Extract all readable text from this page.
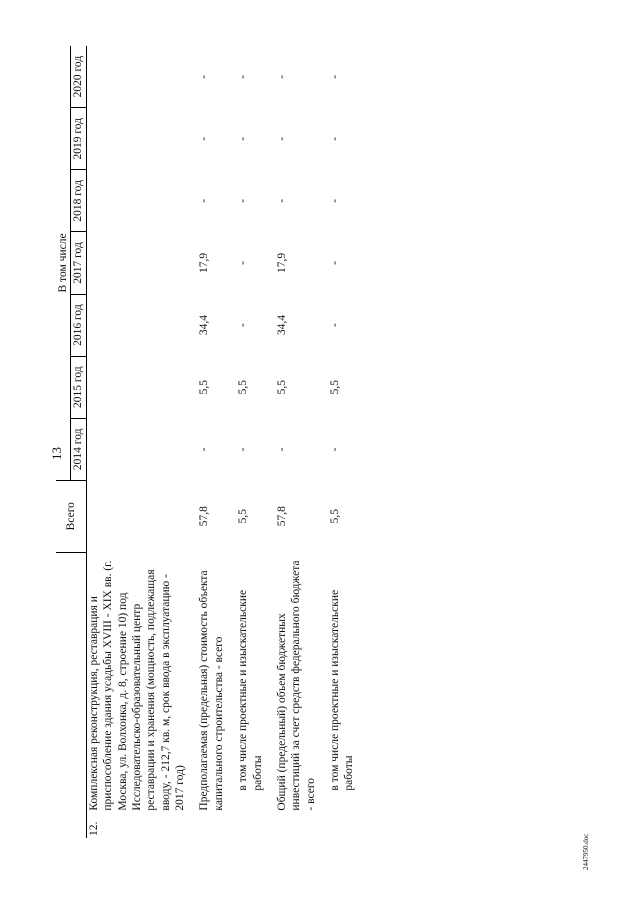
13
		Всего	В том числе						
			2014 год	2015 год	2016 год	2017 год	2018 год	2019 год	2020 год
12.	Комплексная реконструкция, реставрация и приспособление здания усадьбы XVIII - XIX вв. (г. Москва, ул. Волхонка, д. 8, строение 10) под Исследовательско-образовательный центр реставрации и хранения (мощность, подлежащая вводу, - 212,7 кв. м, срок ввода в эксплуатацию - 2017 год)								

	Предполагаемая (предельная) стоимость объекта капитального строительства - всего	57,8	-	5,5	34,4	17,9	-	-	-

	в том числе проектные и изыскательские работы	5,5	-	5,5	-	-	-	-	-

	Общий (предельный) объем бюджетных инвестиций за счет средств федерального бюджета - всего	57,8	-	5,5	34,4	17,9	-	-	-

	в том числе проектные и изыскательские работы	5,5	-	5,5	-	-	-	-	-
2447950.doc
